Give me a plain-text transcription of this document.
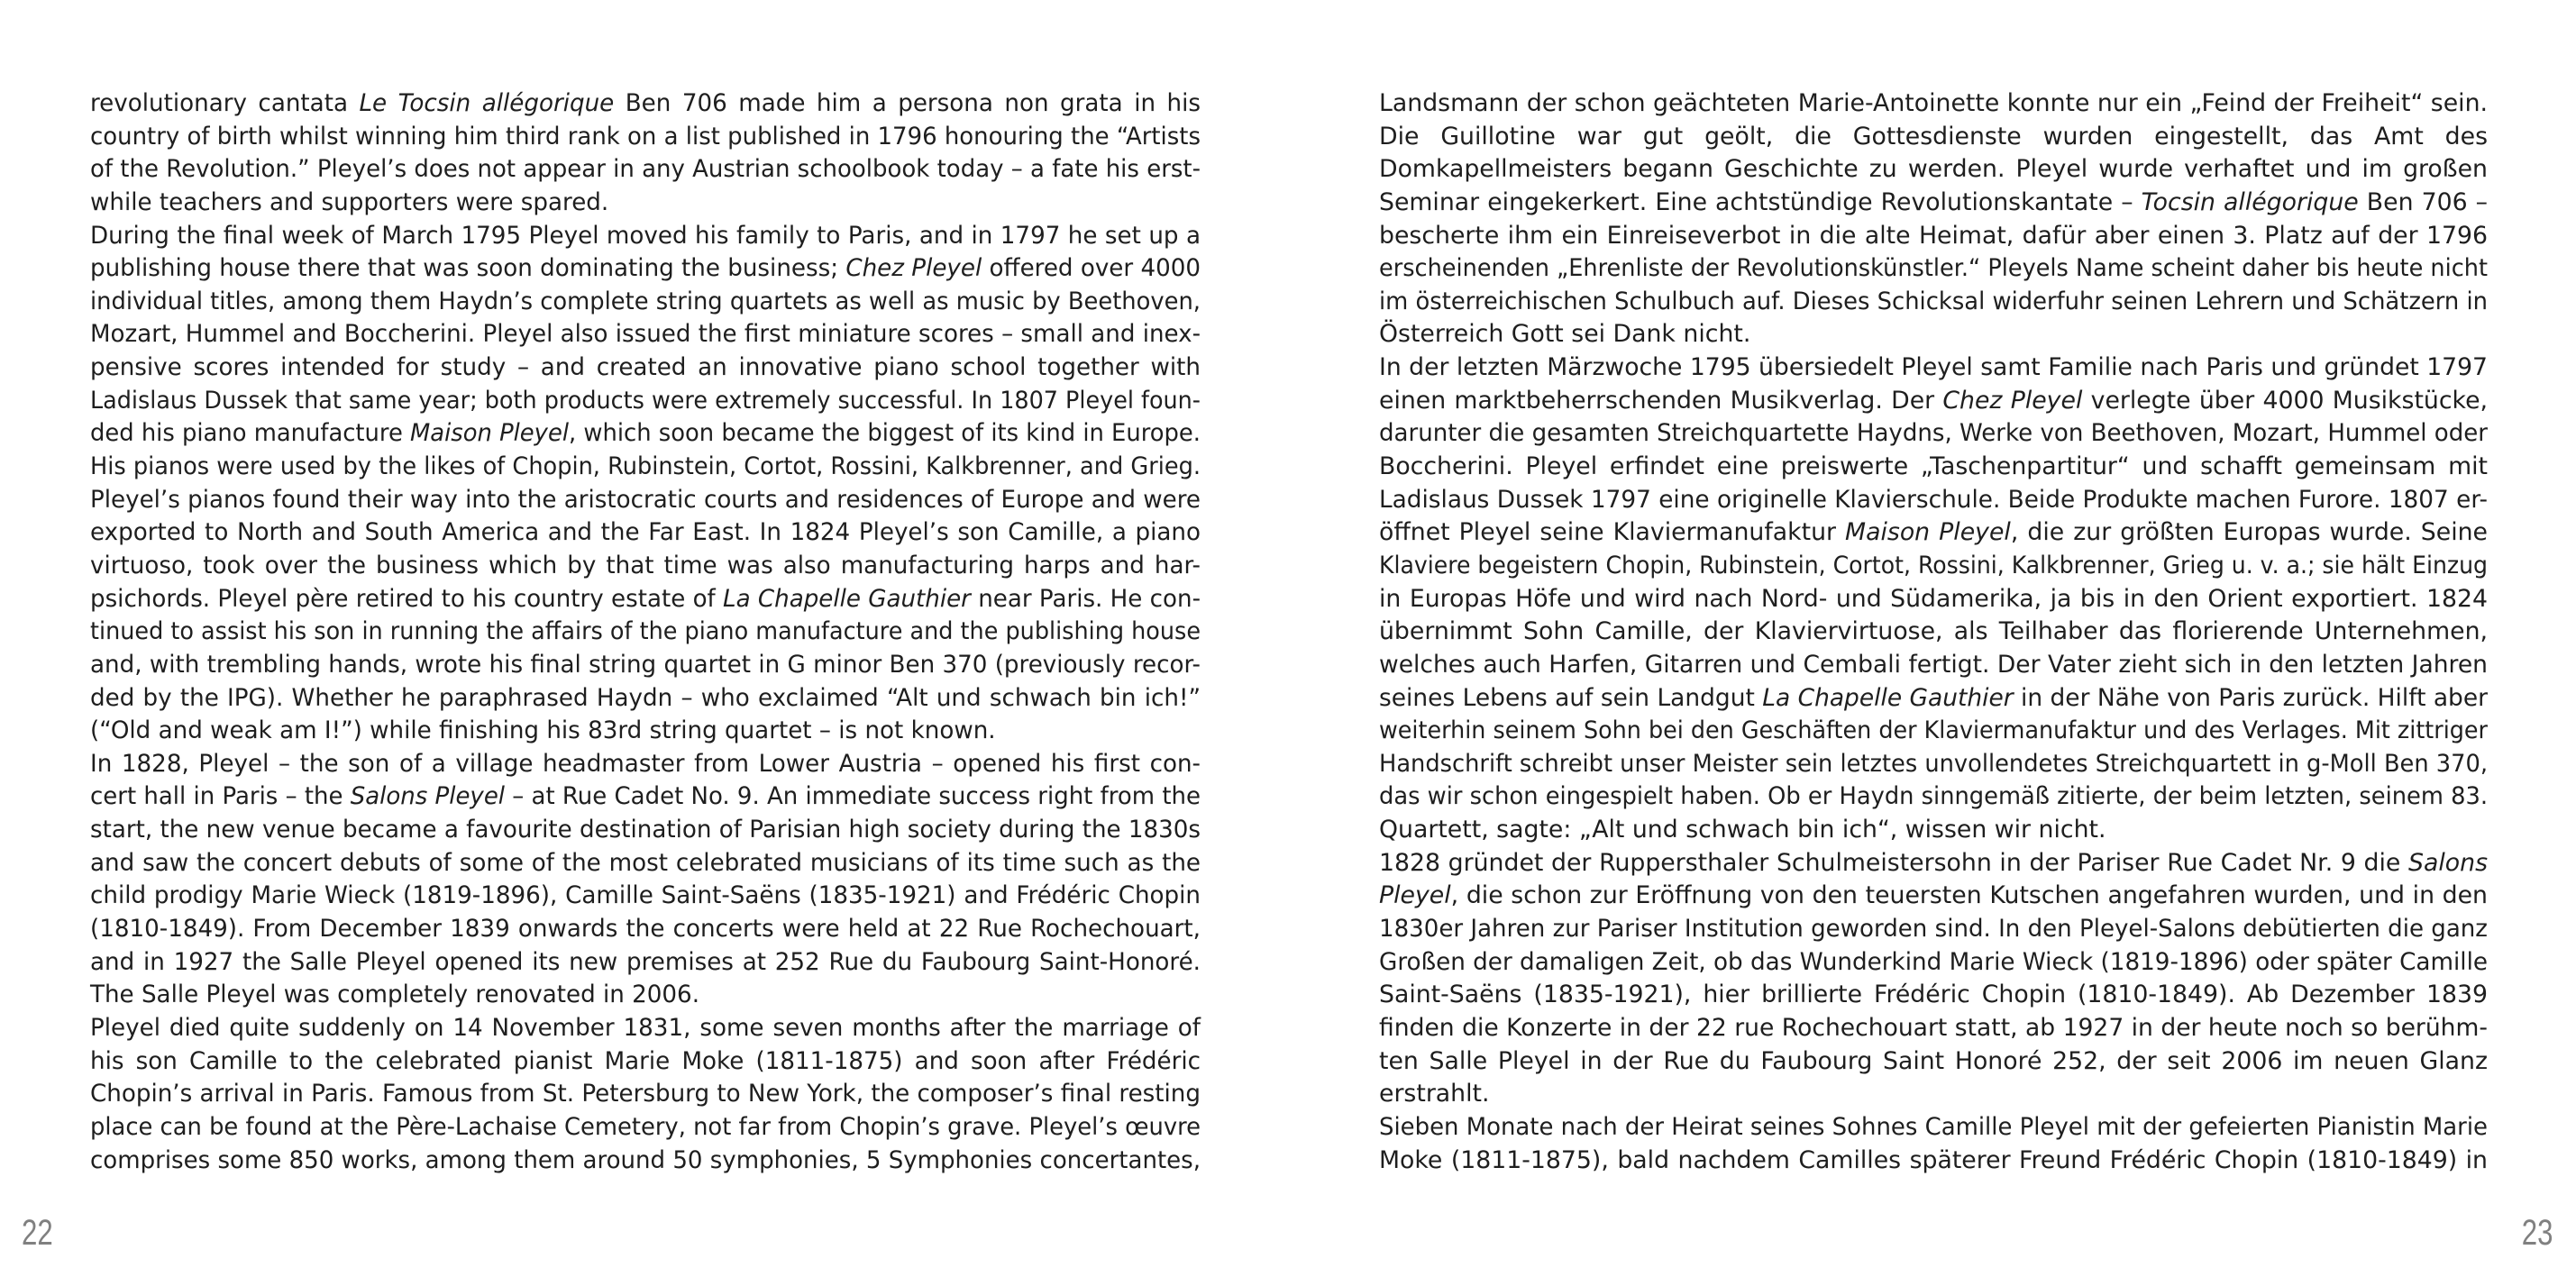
revolutionary cantata Le Tocsin allégorique Ben 706 made him a persona non grata in his
country of birth whilst winning him third rank on a list published in 1796 honouring the “Artists
of the Revolution.” Pleyel’s does not appear in any Austrian schoolbook today – a fate his erst-
while teachers and supporters were spared.
During the final week of March 1795 Pleyel moved his family to Paris, and in 1797 he set up a
publishing house there that was soon dominating the business; Chez Pleyel offered over 4000
individual titles, among them Haydn’s complete string quartets as well as music by Beethoven,
Mozart, Hummel and Boccherini. Pleyel also issued the first miniature scores – small and inex-
pensive scores intended for study – and created an innovative piano school together with
Ladislaus Dussek that same year; both products were extremely successful. In 1807 Pleyel foun-
ded his piano manufacture Maison Pleyel, which soon became the biggest of its kind in Europe.
His pianos were used by the likes of Chopin, Rubinstein, Cortot, Rossini, Kalkbrenner, and Grieg.
Pleyel’s pianos found their way into the aristocratic courts and residences of Europe and were
exported to North and South America and the Far East. In 1824 Pleyel’s son Camille, a piano
virtuoso, took over the business which by that time was also manufacturing harps and har-
psichords. Pleyel père retired to his country estate of La Chapelle Gauthier near Paris. He con-
tinued to assist his son in running the affairs of the piano manufacture and the publishing house
and, with trembling hands, wrote his final string quartet in G minor Ben 370 (previously recor-
ded by the IPG). Whether he paraphrased Haydn – who exclaimed “Alt und schwach bin ich!”
(“Old and weak am I!”) while finishing his 83rd string quartet – is not known.
In 1828, Pleyel – the son of a village headmaster from Lower Austria – opened his first con-
cert hall in Paris – the Salons Pleyel – at Rue Cadet No. 9. An immediate success right from the
start, the new venue became a favourite destination of Parisian high society during the 1830s
and saw the concert debuts of some of the most celebrated musicians of its time such as the
child prodigy Marie Wieck (1819-1896), Camille Saint-Saëns (1835-1921) and Frédéric Chopin
(1810-1849). From December 1839 onwards the concerts were held at 22 Rue Rochechouart,
and in 1927 the Salle Pleyel opened its new premises at 252 Rue du Faubourg Saint-Honoré.
The Salle Pleyel was completely renovated in 2006.
Pleyel died quite suddenly on 14 November 1831, some seven months after the marriage of
his son Camille to the celebrated pianist Marie Moke (1811-1875) and soon after Frédéric
Chopin’s arrival in Paris. Famous from St. Petersburg to New York, the composer’s final resting
place can be found at the Père-Lachaise Cemetery, not far from Chopin’s grave. Pleyel’s œuvre
comprises some 850 works, among them around 50 symphonies, 5 Symphonies concertantes,
22
Landsmann der schon geächteten Marie-Antoinette konnte nur ein „Feind der Freiheit“ sein.
Die Guillotine war gut geölt, die Gottesdienste wurden eingestellt, das Amt des
Domkapellmeisters begann Geschichte zu werden. Pleyel wurde verhaftet und im großen
Seminar eingekerkert. Eine achtstündige Revolutionskantate – Tocsin allégorique Ben 706 –
bescherte ihm ein Einreiseverbot in die alte Heimat, dafür aber einen 3. Platz auf der 1796
erscheinenden „Ehrenliste der Revolutionskünstler.“ Pleyels Name scheint daher bis heute nicht
im österreichischen Schulbuch auf. Dieses Schicksal widerfuhr seinen Lehrern und Schätzern in
Österreich Gott sei Dank nicht.
In der letzten Märzwoche 1795 übersiedelt Pleyel samt Familie nach Paris und gründet 1797
einen marktbeherrschenden Musikverlag. Der Chez Pleyel verlegte über 4000 Musikstücke,
darunter die gesamten Streichquartette Haydns, Werke von Beethoven, Mozart, Hummel oder
Boccherini. Pleyel erfindet eine preiswerte „Taschenpartitur“ und schafft gemeinsam mit
Ladislaus Dussek 1797 eine originelle Klavierschule. Beide Produkte machen Furore. 1807 er-
öffnet Pleyel seine Klaviermanufaktur Maison Pleyel, die zur größten Europas wurde. Seine
Klaviere begeistern Chopin, Rubinstein, Cortot, Rossini, Kalkbrenner, Grieg u. v. a.; sie hält Einzug
in Europas Höfe und wird nach Nord- und Südamerika, ja bis in den Orient exportiert. 1824
übernimmt Sohn Camille, der Klaviervirtuose, als Teilhaber das florierende Unternehmen,
welches auch Harfen, Gitarren und Cembali fertigt. Der Vater zieht sich in den letzten Jahren
seines Lebens auf sein Landgut La Chapelle Gauthier in der Nähe von Paris zurück. Hilft aber
weiterhin seinem Sohn bei den Geschäften der Klaviermanufaktur und des Verlages. Mit zittriger
Handschrift schreibt unser Meister sein letztes unvollendetes Streichquartett in g-Moll Ben 370,
das wir schon eingespielt haben. Ob er Haydn sinngemäß zitierte, der beim letzten, seinem 83.
Quartett, sagte: „Alt und schwach bin ich“, wissen wir nicht.
1828 gründet der Ruppersthaler Schulmeistersohn in der Pariser Rue Cadet Nr. 9 die Salons
Pleyel, die schon zur Eröffnung von den teuersten Kutschen angefahren wurden, und in den
1830er Jahren zur Pariser Institution geworden sind. In den Pleyel-Salons debütierten die ganz
Großen der damaligen Zeit, ob das Wunderkind Marie Wieck (1819-1896) oder später Camille
Saint-Saëns (1835-1921), hier brillierte Frédéric Chopin (1810-1849). Ab Dezember 1839
finden die Konzerte in der 22 rue Rochechouart statt, ab 1927 in der heute noch so berühm-
ten Salle Pleyel in der Rue du Faubourg Saint Honoré 252, der seit 2006 im neuen Glanz
erstrahlt.
Sieben Monate nach der Heirat seines Sohnes Camille Pleyel mit der gefeierten Pianistin Marie
Moke (1811-1875), bald nachdem Camilles späterer Freund Frédéric Chopin (1810-1849) in
23
